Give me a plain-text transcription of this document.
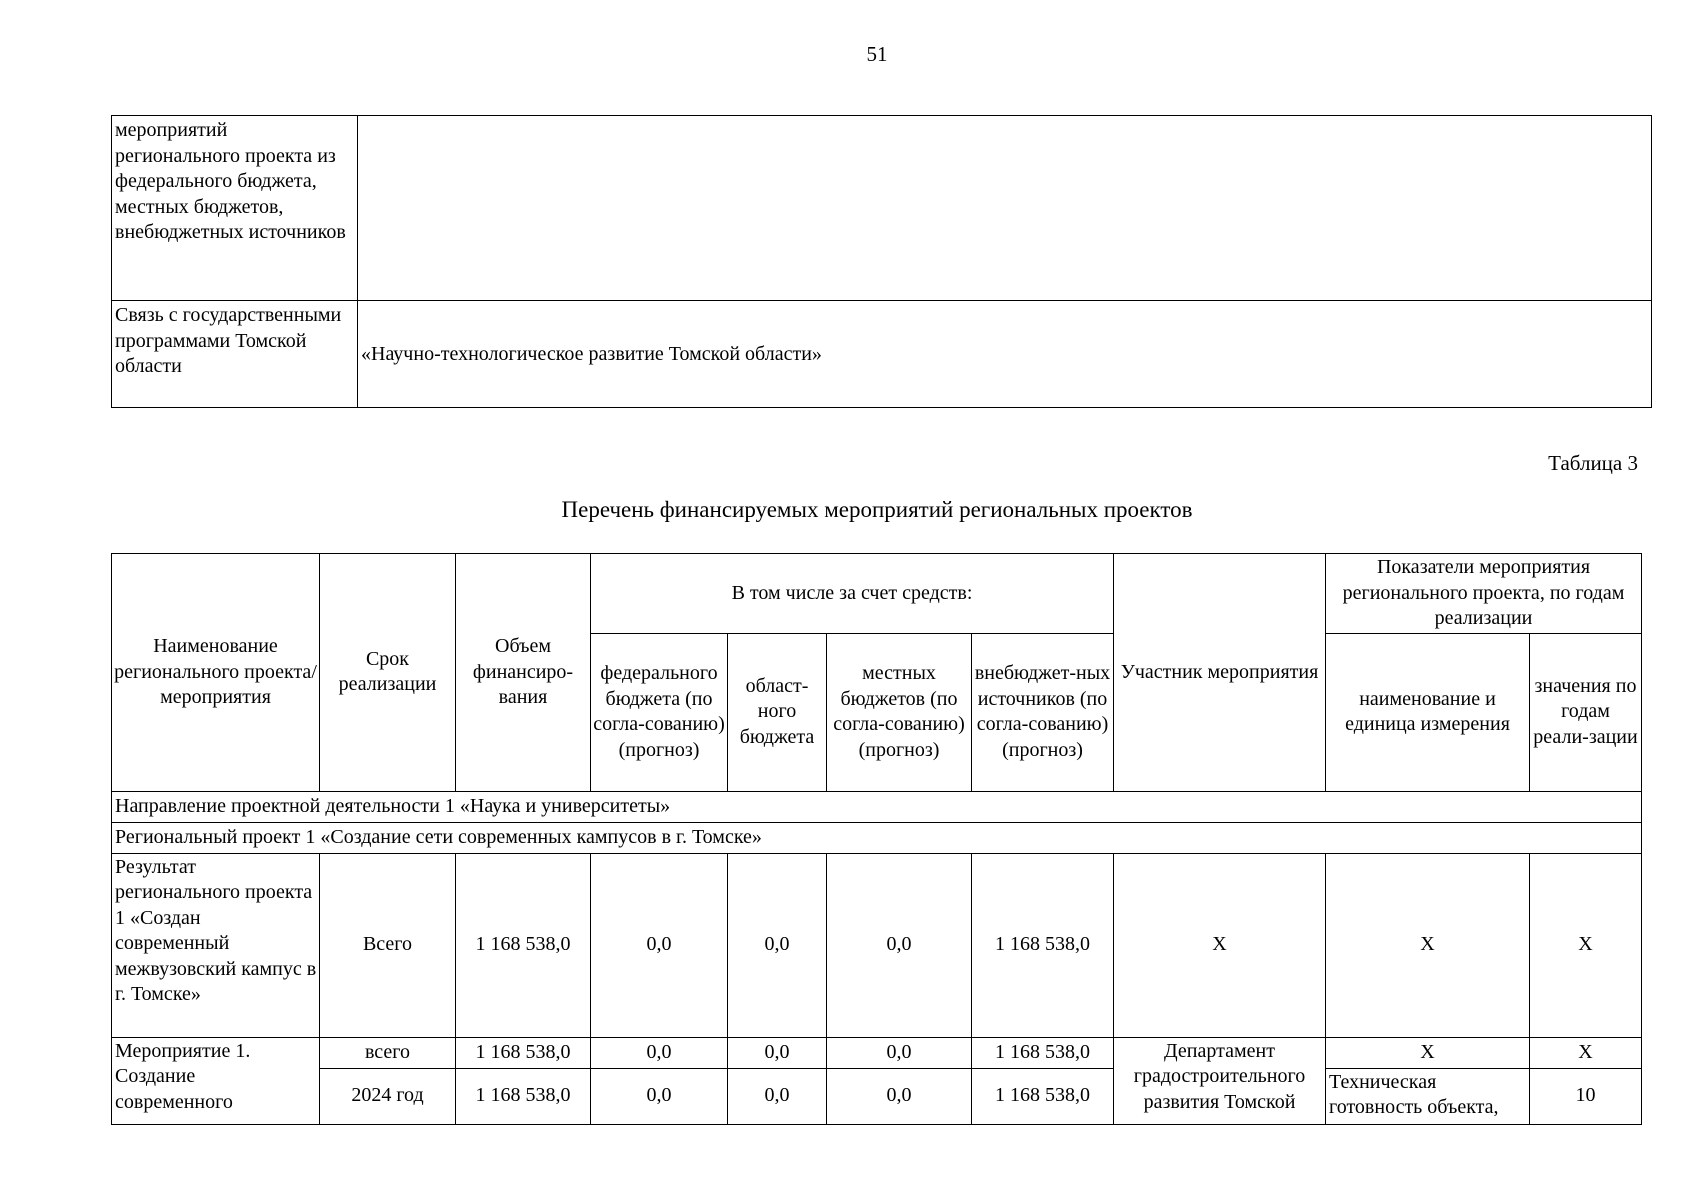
51
мероприятий регионального проекта из федерального бюджета, местных бюджетов, внебюджетных источников	
Связь с государственными программами Томской области	«Научно-технологическое развитие Томской области»
Таблица 3
Перечень финансируемых мероприятий региональных проектов
Наименование регионального проекта/ мероприятия	Срок реализации	Объем финансиро-вания	В том числе за счет средств:				Участник мероприятия	Показатели мероприятия регионального проекта, по годам реализации	
			федерального бюджета (по согла-сованию) (прогноз)	област-ного бюджета	местных бюджетов (по согла-сованию) (прогноз)	внебюджет-ных источников (по согла-сованию) (прогноз)		наименование и единица измерения	значения по годам реали-зации
Направление проектной деятельности 1 «Наука и университеты»									
Региональный проект 1 «Создание сети современных кампусов в г. Томске»									
Результат регионального проекта 1 «Создан современный межвузовский кампус в г. Томске»	Всего	1 168 538,0	0,0	0,0	0,0	1 168 538,0	X	X	X
Мероприятие 1. Создание современного	всего	1 168 538,0	0,0	0,0	0,0	1 168 538,0	Департамент градостроительного развития Томской	X	X
	2024 год	1 168 538,0	0,0	0,0	0,0	1 168 538,0		Техническая готовность объекта,	10
